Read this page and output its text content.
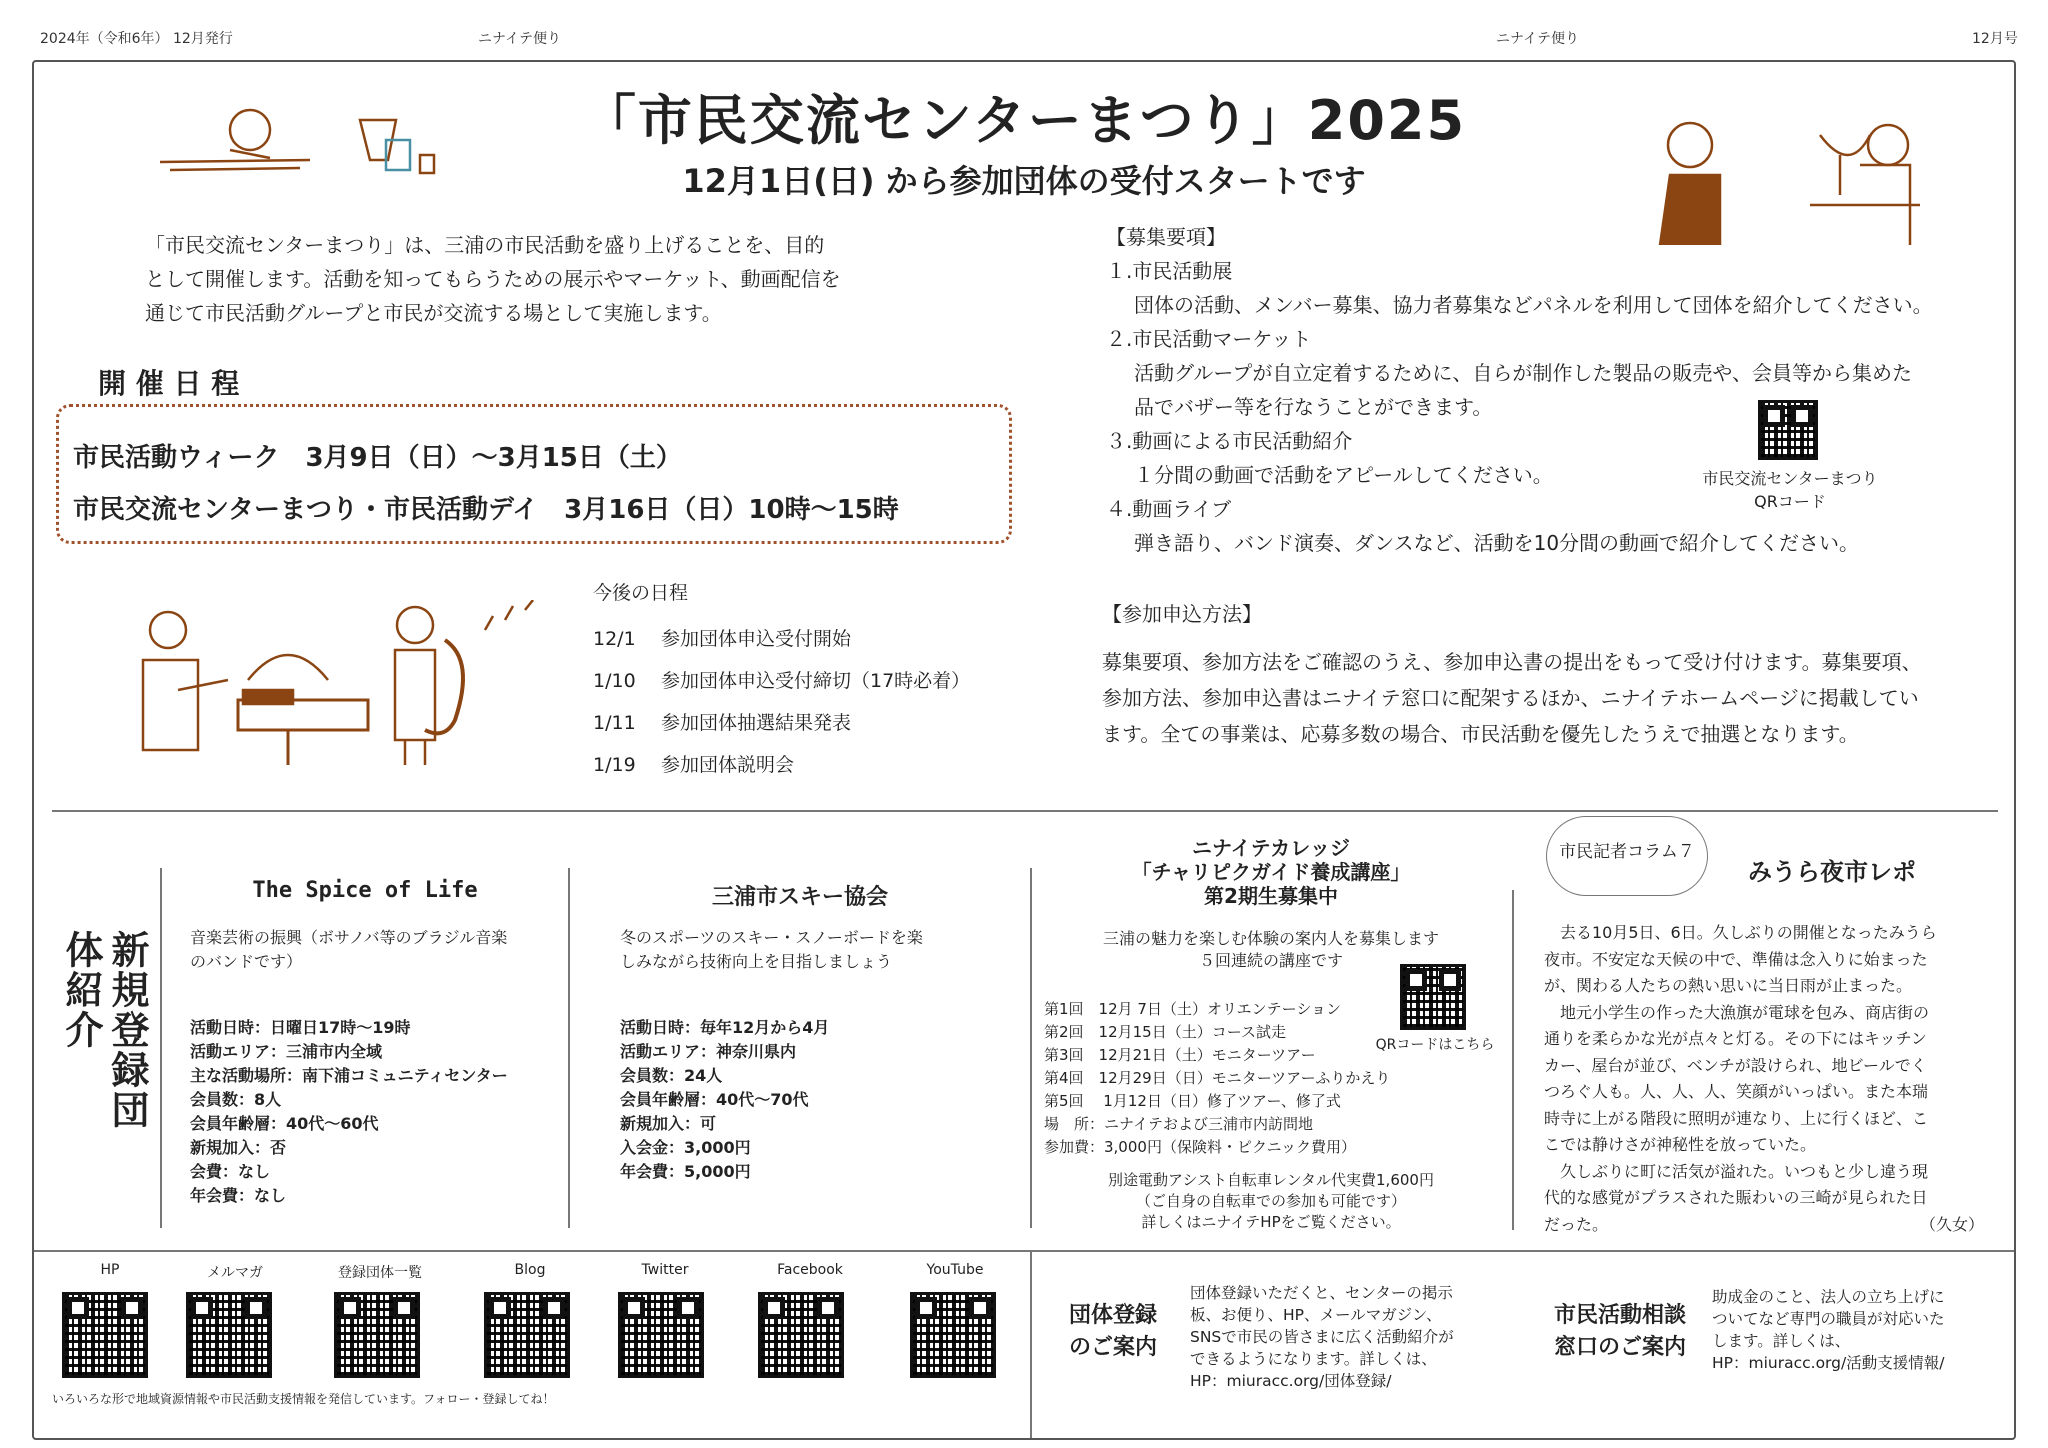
2024年（令和6年） 12月発行	ニナイテ便り	ニナイテ便り	12月号
「市民交流センターまつり」2025
12月1日(日) から参加団体の受付スタートです
「市民交流センターまつり」は、三浦の市民活動を盛り上げることを、目的
として開催します。活動を知ってもらうための展示やマーケット、動画配信を
通じて市民活動グループと市民が交流する場として実施します。
開 催 日 程
市民活動ウィーク　3月9日（日）～3月15日（土）
市民交流センターまつり・市民活動デイ　3月16日（日）10時～15時
今後の日程
12/1 参加団体申込受付開始
1/10 参加団体申込受付締切（17時必着）
1/11 参加団体抽選結果発表
1/19 参加団体説明会
【募集要項】
１.市民活動展
団体の活動、メンバー募集、協力者募集などパネルを利用して団体を紹介してください。
２.市民活動マーケット
活動グループが自立定着するために、自らが制作した製品の販売や、会員等から集めた
品でバザー等を行なうことができます。
３.動画による市民活動紹介
１分間の動画で活動をアピールしてください。
４.動画ライブ
弾き語り、バンド演奏、ダンスなど、活動を10分間の動画で紹介してください。
市民交流センターまつり
QRコード
【参加申込方法】
募集要項、参加方法をご確認のうえ、参加申込書の提出をもって受け付けます。募集要項、
参加方法、参加申込書はニナイテ窓口に配架するほか、ニナイテホームページに掲載してい
ます。全ての事業は、応募多数の場合、市民活動を優先したうえで抽選となります。
新規登録団体紹介
The Spice of Life
音楽芸術の振興（ボサノバ等のブラジル音楽
のバンドです）
活動日時：日曜日17時～19時
活動エリア：三浦市内全域
主な活動場所：南下浦コミュニティセンター
会員数：8人
会員年齢層：40代～60代
新規加入：否
会費：なし
年会費：なし
三浦市スキー協会
冬のスポーツのスキー・スノーボードを楽
しみながら技術向上を目指しましょう
活動日時：毎年12月から4月
活動エリア：神奈川県内
会員数：24人
会員年齢層：40代～70代
新規加入：可
入会金：3,000円
年会費：5,000円
ニナイテカレッジ
「チャリピクガイド養成講座」
第2期生募集中
三浦の魅力を楽しむ体験の案内人を募集します
５回連続の講座です
QRコードはこちら
第1回　12月 7日（土）オリエンテーション
第2回　12月15日（土）コース試走
第3回　12月21日（土）モニターツアー
第4回　12月29日（日）モニターツアーふりかえり
第5回　 1月12日（日）修了ツアー、修了式
場　所：ニナイテおよび三浦市内訪問地
参加費：3,000円（保険料・ピクニック費用）
別途電動アシスト自転車レンタル代実費1,600円
（ご自身の自転車での参加も可能です）
詳しくはニナイテHPをご覧ください。
市民記者コラム７
みうら夜市レポ
　去る10月5日、6日。久しぶりの開催となったみうら
夜市。不安定な天候の中で、準備は念入りに始まった
が、関わる人たちの熱い思いに当日雨が止まった。
　地元小学生の作った大漁旗が電球を包み、商店街の
通りを柔らかな光が点々と灯る。その下にはキッチン
カー、屋台が並び、ベンチが設けられ、地ビールでく
つろぐ人も。人、人、人、笑顔がいっぱい。また本瑞
時寺に上がる階段に照明が連なり、上に行くほど、こ
こでは静けさが神秘性を放っていた。
　久しぶりに町に活気が溢れた。いつもと少し違う現
代的な感覚がプラスされた賑わいの三崎が見られた日
だった。	（久女）
HP	メルマガ	登録団体一覧	Blog	Twitter	Facebook	YouTube
いろいろな形で地域資源情報や市民活動支援情報を発信しています。フォロー・登録してね！
団体登録
のご案内
団体登録いただくと、センターの掲示
板、お便り、HP、メールマガジン、
SNSで市民の皆さまに広く活動紹介が
できるようになります。詳しくは、
HP：miuracc.org/団体登録/
市民活動相談
窓口のご案内
助成金のこと、法人の立ち上げに
ついてなど専門の職員が対応いた
します。詳しくは、
HP：miuracc.org/活動支援情報/
